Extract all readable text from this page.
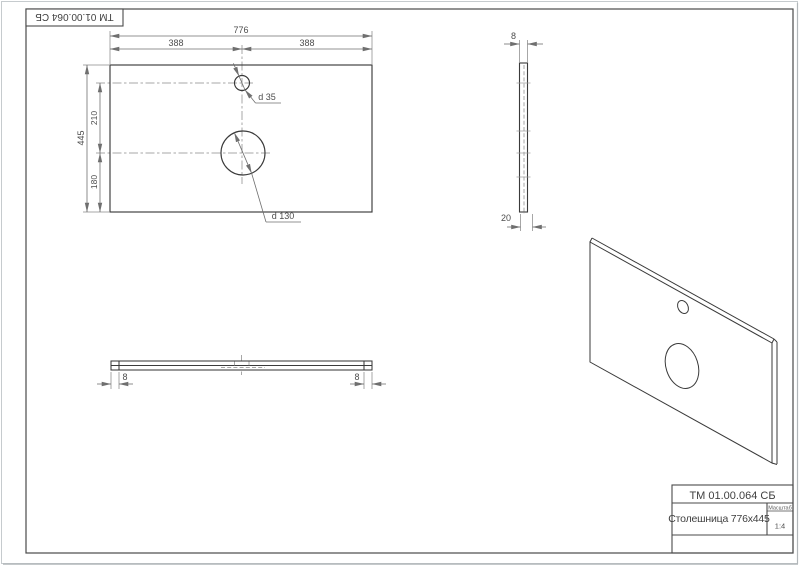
ТМ 01.00.064 СБ
776
388	388
445
210
180
d 35
d 130
8
20
8	8
ТМ 01.00.064 СБ
Столешница 776x445
Масштаб
1:4
